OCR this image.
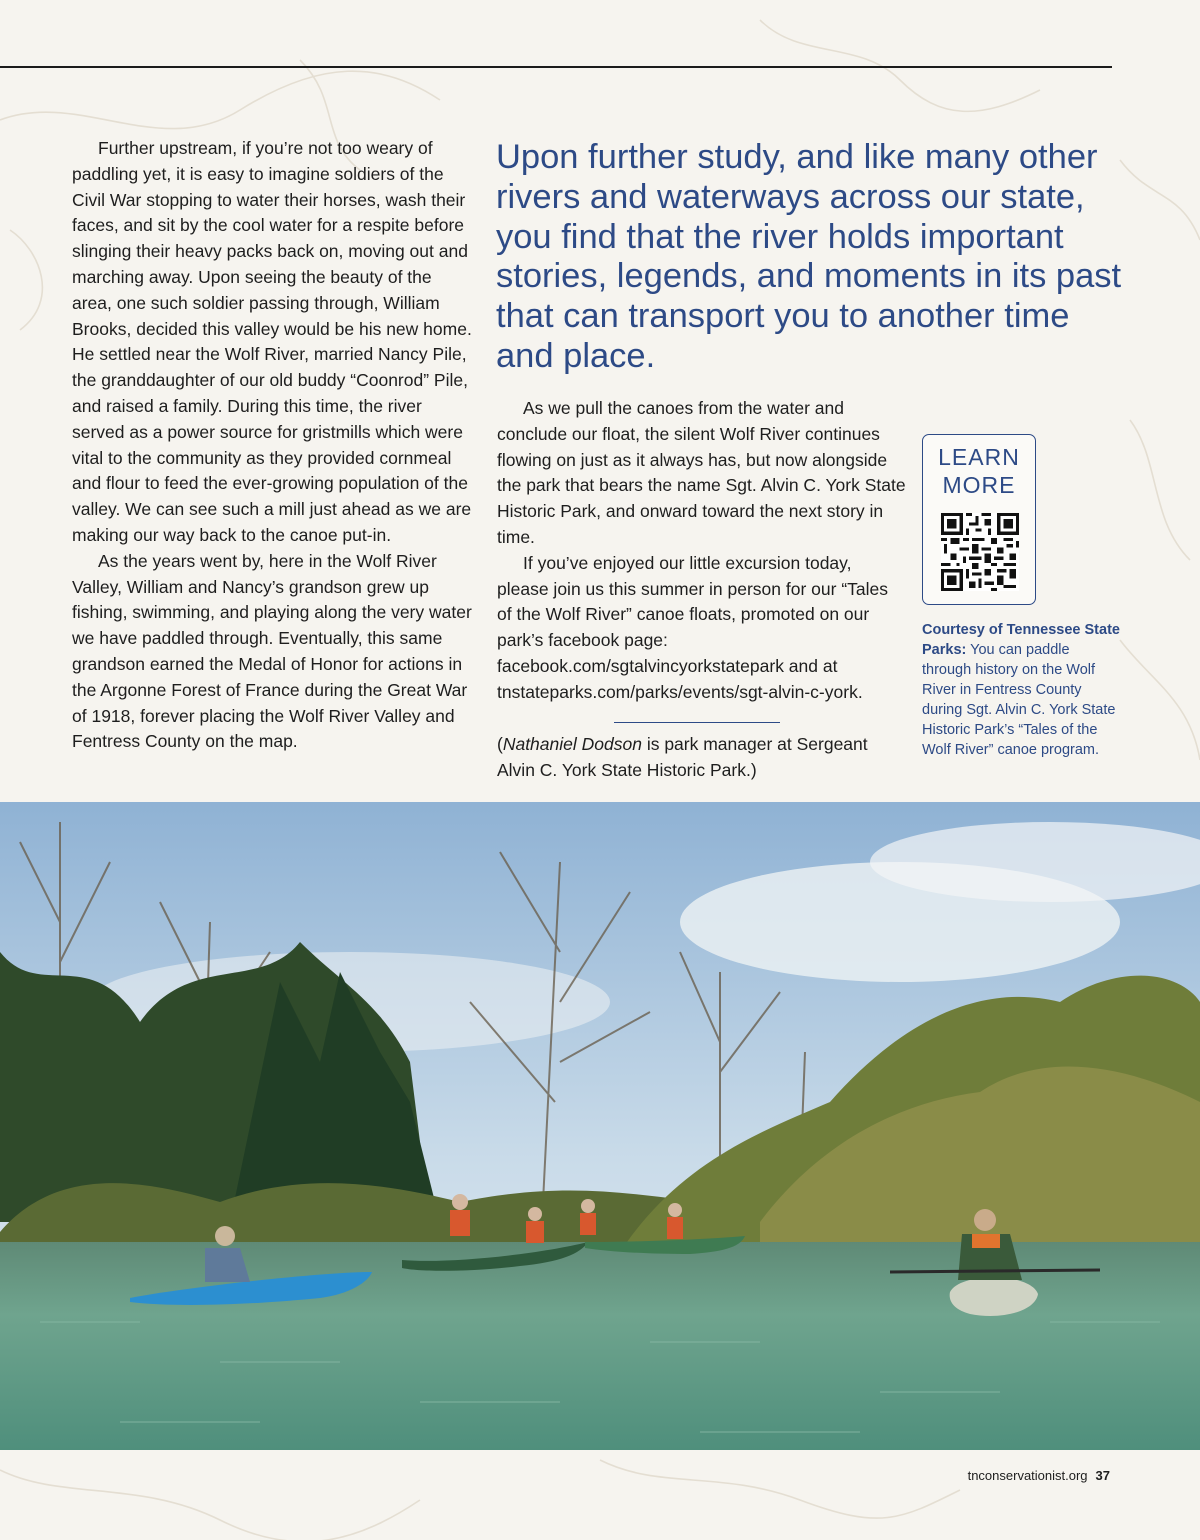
Further upstream, if you’re not too weary of paddling yet, it is easy to imagine soldiers of the Civil War stopping to water their horses, wash their faces, and sit by the cool water for a respite before slinging their heavy packs back on, moving out and marching away. Upon seeing the beauty of the area, one such soldier passing through, William Brooks, decided this valley would be his new home. He settled near the Wolf River, married Nancy Pile, the granddaughter of our old buddy “Coonrod” Pile, and raised a family. During this time, the river served as a power source for gristmills which were vital to the community as they provided cornmeal and flour to feed the ever-growing population of the valley. We can see such a mill just ahead as we are making our way back to the canoe put-in.

As the years went by, here in the Wolf River Valley, William and Nancy’s grandson grew up fishing, swimming, and playing along the very water we have paddled through. Eventually, this same grandson earned the Medal of Honor for actions in the Argonne Forest of France during the Great War of 1918, forever placing the Wolf River Valley and Fentress County on the map.

Upon further study, and like many other rivers and waterways across our state, you find that the river holds important stories, legends, and moments in its past that can transport you to another time and place.

As we pull the canoes from the water and conclude our float, the silent Wolf River continues flowing on just as it always has, but now alongside the park that bears the name Sgt. Alvin C. York State Historic Park, and onward toward the next story in time.

If you’ve enjoyed our little excursion today, please join us this summer in person for our “Tales of the Wolf River” canoe floats, promoted on our park’s facebook page: facebook.com/sgtalvincyorkstatepark and at tnstateparks.com/parks/events/sgt-alvin-c-york.

(Nathaniel Dodson is park manager at Sergeant Alvin C. York State Historic Park.)
LEARN
MORE
Courtesy of Tennessee State Parks: You can paddle through history on the Wolf River in Fentress County during Sgt. Alvin C. York State Historic Park’s “Tales of the Wolf River” canoe program.
tnconservationist.org 37
